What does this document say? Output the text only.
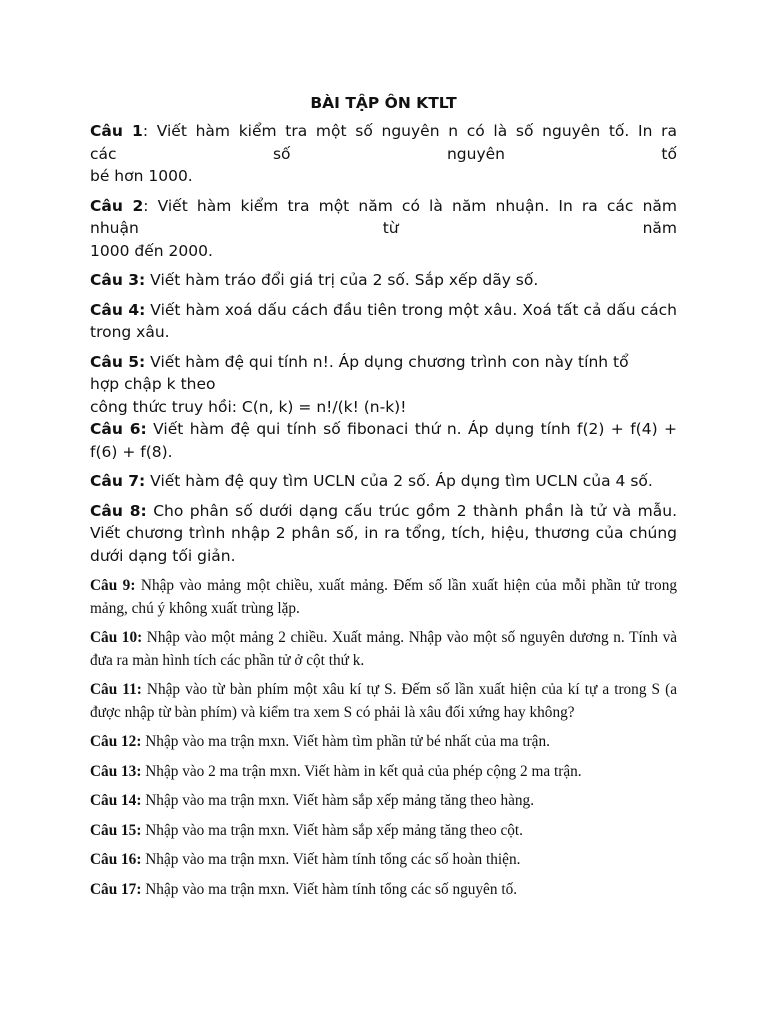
BÀI TẬP ÔN KTLT

Câu 1: Viết hàm kiểm tra một số nguyên n có là số nguyên tố. In ra
các số nguyên tố
bé hơn 1000.

Câu 2: Viết hàm kiểm tra một năm có là năm nhuận. In ra các năm
nhuận từ năm
1000 đến 2000.

Câu 3: Viết hàm tráo đổi giá trị của 2 số. Sắp xếp dãy số.

Câu 4: Viết hàm xoá dấu cách đầu tiên trong một xâu. Xoá tất cả dấu cách trong xâu.

Câu 5: Viết hàm đệ qui tính n!. Áp dụng chương trình con này tính tổ
hợp chập k theo
công thức truy hồi: C(n, k) = n!/(k! (n-k)!

Câu 6: Viết hàm đệ qui tính số fibonaci thứ n. Áp dụng tính f(2) + f(4) + f(6) + f(8).

Câu 7: Viết hàm đệ quy tìm UCLN của 2 số. Áp dụng tìm UCLN của 4 số.

Câu 8: Cho phân số dưới dạng cấu trúc gồm 2 thành phần là tử và mẫu. Viết chương trình nhập 2 phân số, in ra tổng, tích, hiệu, thương của chúng dưới dạng tối giản.

Câu 9: Nhập vào mảng một chiều, xuất mảng. Đếm số lần xuất hiện của mỗi phần tử trong mảng, chú ý không xuất trùng lặp.

Câu 10: Nhập vào một mảng 2 chiều. Xuất mảng. Nhập vào một số nguyên dương n. Tính và đưa ra màn hình tích các phần tử ở cột thứ k.

Câu 11: Nhập vào từ bàn phím một xâu kí tự S. Đếm số lần xuất hiện của kí tự a trong S (a được nhập từ bàn phím) và kiểm tra xem S có phải là xâu đối xứng hay không?

Câu 12: Nhập vào ma trận mxn. Viết hàm tìm phần tử bé nhất của ma trận.

Câu 13: Nhập vào 2 ma trận mxn. Viết hàm in kết quả của phép cộng 2 ma trận.

Câu 14: Nhập vào ma trận mxn. Viết hàm sắp xếp mảng tăng theo hàng.

Câu 15: Nhập vào ma trận mxn. Viết hàm sắp xếp mảng tăng theo cột.

Câu 16: Nhập vào ma trận mxn. Viết hàm tính tổng các số hoàn thiện.

Câu 17: Nhập vào ma trận mxn. Viết hàm tính tổng các số nguyên tố.
